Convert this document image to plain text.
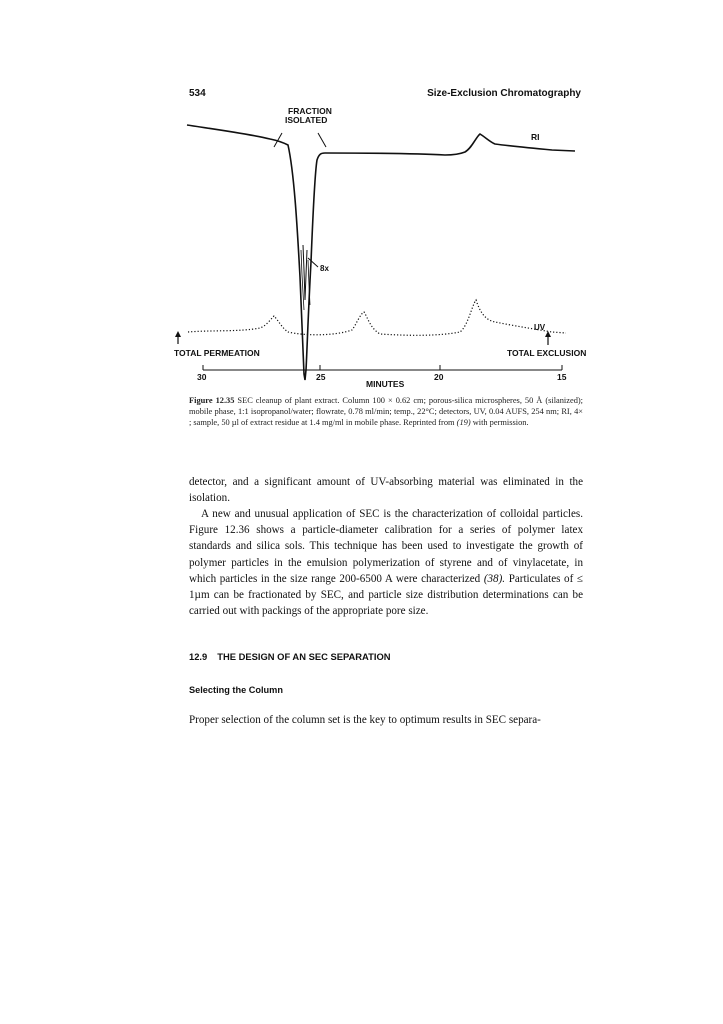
534	Size-Exclusion Chromatography
FRACTION
ISOLATED
RI
8x
UV
TOTAL PERMEATION	TOTAL EXCLUSION
30	25	20	15
MINUTES
Figure 12.35 SEC cleanup of plant extract. Column 100 × 0.62 cm; porous-silica microspheres, 50 Å (silanized); mobile phase, 1:1 isopropanol/water; flowrate, 0.78 ml/min; temp., 22°C; detectors, UV, 0.04 AUFS, 254 nm; RI, 4× ; sample, 50 µl of extract residue at 1.4 mg/ml in mobile phase. Reprinted from (19) with permission.

detector, and a significant amount of UV-absorbing material was eliminated in the isolation.

A new and unusual application of SEC is the characterization of colloidal particles. Figure 12.36 shows a particle-diameter calibration for a series of polymer latex standards and silica sols. This technique has been used to investigate the growth of polymer particles in the emulsion polymerization of styrene and of vinylacetate, in which particles in the size range 200-6500 A were characterized (38). Particulates of ≤ 1µm can be fractionated by SEC, and particle size distribution determinations can be carried out with packings of the appropriate pore size.

12.9 THE DESIGN OF AN SEC SEPARATION
Selecting the Column

Proper selection of the column set is the key to optimum results in SEC separa-
